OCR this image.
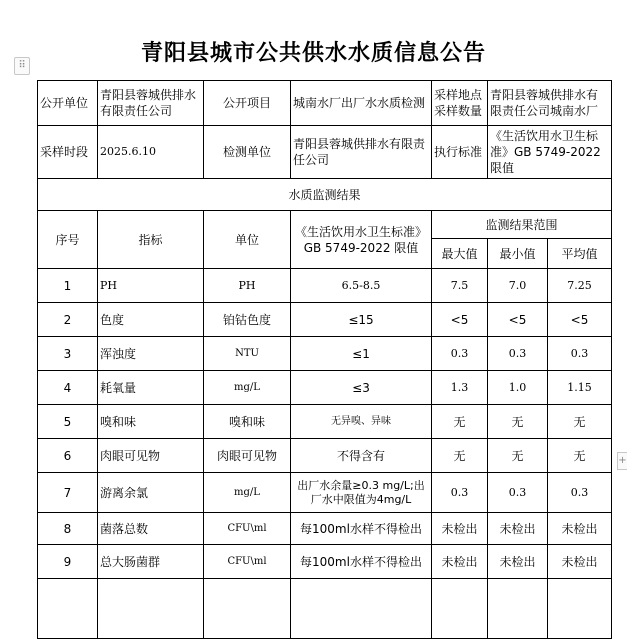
⠿
+
青阳县城市公共供水水质信息公告
公开单位	青阳县蓉城供排水有限责任公司	公开项目	城南水厂出厂水水质检测	采样地点采样数量	青阳县蓉城供排水有限责任公司城南水厂	
采样时段	2025.6.10	检测单位	青阳县蓉城供排水有限责任公司	执行标准	《生活饮用水卫生标准》GB 5749-2022 限值	
水质监测结果						
序号	指标	单位	《生活饮用水卫生标准》GB 5749-2022 限值	监测结果范围		
				最大值	最小值	平均值
1	PH	PH	6.5-8.5	7.5	7.0	7.25
2	色度	铂钴色度	≤15	<5	<5	<5
3	浑浊度	NTU	≤1	0.3	0.3	0.3
4	耗氧量	mg/L	≤3	1.3	1.0	1.15
5	嗅和味	嗅和味	无异嗅、异味	无	无	无
6	肉眼可见物	肉眼可见物	不得含有	无	无	无
7	游离余氯	mg/L	出厂水余量≥0.3 mg/L;出厂水中限值为4mg/L	0.3	0.3	0.3
8	菌落总数	CFU\ml	每100ml水样不得检出	未检出	未检出	未检出
9	总大肠菌群	CFU\ml	每100ml水样不得检出	未检出	未检出	未检出
